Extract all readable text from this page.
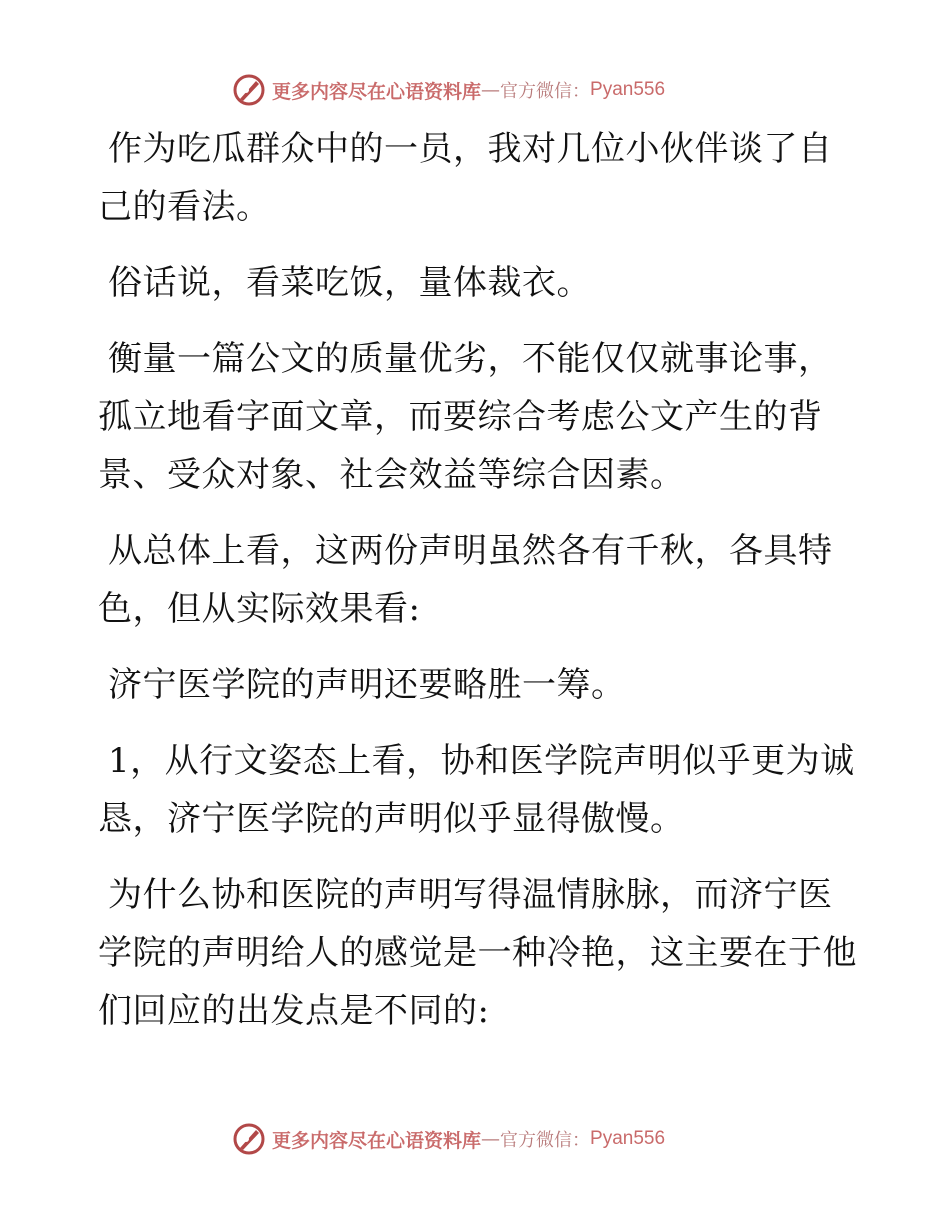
更多内容尽在心语资料库 — 官方微信： Pyan556

作为吃瓜群众中的一员，我对几位小伙伴谈了自己的看法。

俗话说，看菜吃饭，量体裁衣。

衡量一篇公文的质量优劣，不能仅仅就事论事，孤立地看字面文章，而要综合考虑公文产生的背景、受众对象、社会效益等综合因素。

从总体上看，这两份声明虽然各有千秋，各具特色，但从实际效果看:

济宁医学院的声明还要略胜一筹。

1，从行文姿态上看，协和医学院声明似乎更为诚恳，济宁医学院的声明似乎显得傲慢。

为什么协和医院的声明写得温情脉脉，而济宁医学院的声明给人的感觉是一种冷艳，这主要在于他们回应的出发点是不同的:

更多内容尽在心语资料库 — 官方微信： Pyan556
